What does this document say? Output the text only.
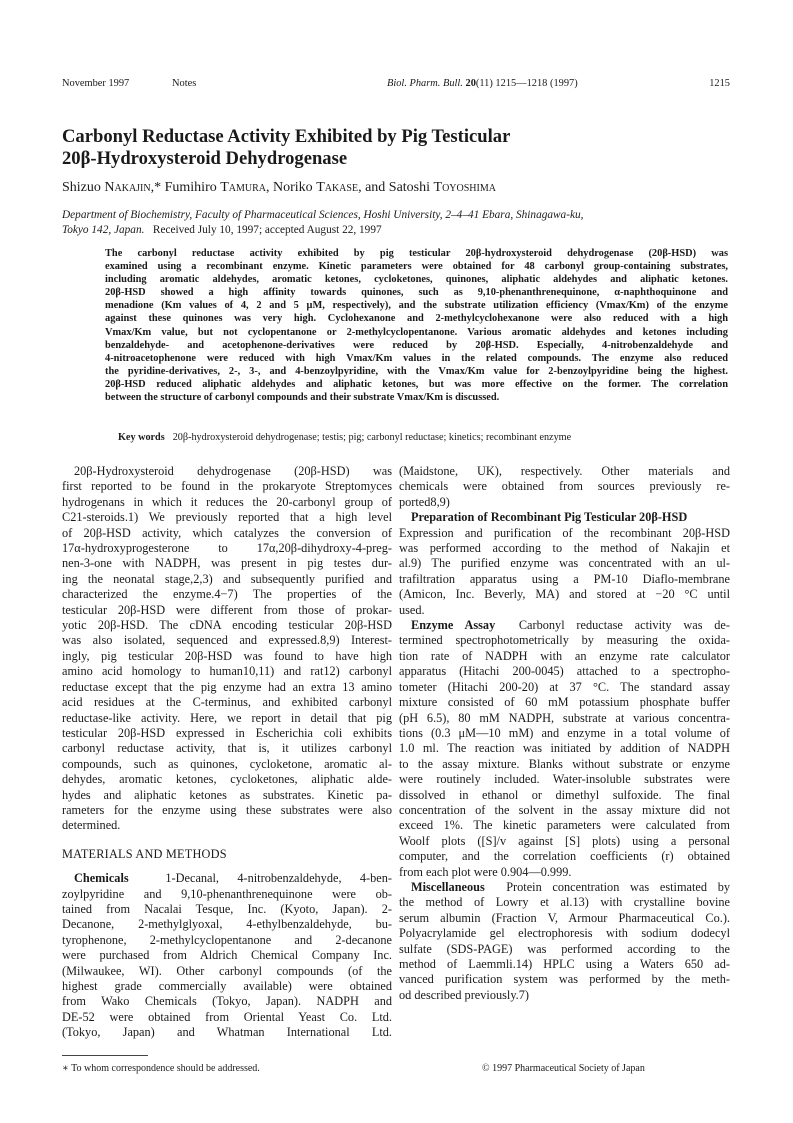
November 1997	Notes	Biol. Pharm. Bull. 20(11) 1215—1218 (1997)	1215
Carbonyl Reductase Activity Exhibited by Pig Testicular
20β-Hydroxysteroid Dehydrogenase
Shizuo Nakajin,* Fumihiro Tamura, Noriko Takase, and Satoshi Toyoshima
Department of Biochemistry, Faculty of Pharmaceutical Sciences, Hoshi University, 2–4–41 Ebara, Shinagawa-ku,
Tokyo 142, Japan. Received July 10, 1997; accepted August 22, 1997
The carbonyl reductase activity exhibited by pig testicular 20β-hydroxysteroid dehydrogenase (20β-HSD) was
examined using a recombinant enzyme. Kinetic parameters were obtained for 48 carbonyl group-containing substrates,
including aromatic aldehydes, aromatic ketones, cycloketones, quinones, aliphatic aldehydes and aliphatic ketones.
20β-HSD showed a high affinity towards quinones, such as 9,10-phenanthrenequinone, α-naphthoquinone and
menadione (Km values of 4, 2 and 5 μM, respectively), and the substrate utilization efficiency (Vmax/Km) of the enzyme
against these quinones was very high. Cyclohexanone and 2-methylcyclohexanone were also reduced with a high
Vmax/Km value, but not cyclopentanone or 2-methylcyclopentanone. Various aromatic aldehydes and ketones including
benzaldehyde- and acetophenone-derivatives were reduced by 20β-HSD. Especially, 4-nitrobenzaldehyde and
4-nitroacetophenone were reduced with high Vmax/Km values in the related compounds. The enzyme also reduced
the pyridine-derivatives, 2-, 3-, and 4-benzoylpyridine, with the Vmax/Km value for 2-benzoylpyridine being the highest.
20β-HSD reduced aliphatic aldehydes and aliphatic ketones, but was more effective on the former. The correlation
between the structure of carbonyl compounds and their substrate Vmax/Km is discussed.
Key words 20β-hydroxysteroid dehydrogenase; testis; pig; carbonyl reductase; kinetics; recombinant enzyme
20β-Hydroxysteroid dehydrogenase (20β-HSD) was
first reported to be found in the prokaryote Streptomyces
hydrogenans in which it reduces the 20-carbonyl group of
C21-steroids.1) We previously reported that a high level
of 20β-HSD activity, which catalyzes the conversion of
17α-hydroxyprogesterone to 17α,20β-dihydroxy-4-preg-
nen-3-one with NADPH, was present in pig testes dur-
ing the neonatal stage,2,3) and subsequently purified and
characterized the enzyme.4−7) The properties of the
testicular 20β-HSD were different from those of prokar-
yotic 20β-HSD. The cDNA encoding testicular 20β-HSD
was also isolated, sequenced and expressed.8,9) Interest-
ingly, pig testicular 20β-HSD was found to have high
amino acid homology to human10,11) and rat12) carbonyl
reductase except that the pig enzyme had an extra 13 amino
acid residues at the C-terminus, and exhibited carbonyl
reductase-like activity. Here, we report in detail that pig
testicular 20β-HSD expressed in Escherichia coli exhibits
carbonyl reductase activity, that is, it utilizes carbonyl
compounds, such as quinones, cycloketone, aromatic al-
dehydes, aromatic ketones, cycloketones, aliphatic alde-
hydes and aliphatic ketones as substrates. Kinetic pa-
rameters for the enzyme using these substrates were also
determined.
MATERIALS AND METHODS
Chemicals	1-Decanal, 4-nitrobenzaldehyde, 4-ben-
zoylpyridine and 9,10-phenanthrenequinone were ob-
tained from Nacalai Tesque, Inc. (Kyoto, Japan). 2-
Decanone, 2-methylglyoxal, 4-ethylbenzaldehyde, bu-
tyrophenone, 2-methylcyclopentanone and 2-decanone
were purchased from Aldrich Chemical Company Inc.
(Milwaukee, WI). Other carbonyl compounds (of the
highest grade commercially available) were obtained
from Wako Chemicals (Tokyo, Japan). NADPH and
DE-52 were obtained from Oriental Yeast Co. Ltd.
(Tokyo, Japan) and Whatman International Ltd.
(Maidstone, UK), respectively. Other materials and
chemicals were obtained from sources previously re-
ported8,9)
Preparation of Recombinant Pig Testicular 20β-HSD
Expression and purification of the recombinant 20β-HSD
was performed according to the method of Nakajin et
al.9) The purified enzyme was concentrated with an ul-
trafiltration apparatus using a PM-10 Diaflo-membrane
(Amicon, Inc. Beverly, MA) and stored at −20 °C until
used.
Enzyme Assay Carbonyl reductase activity was de-
termined spectrophotometrically by measuring the oxida-
tion rate of NADPH with an enzyme rate calculator
apparatus (Hitachi 200-0045) attached to a spectropho-
tometer (Hitachi 200-20) at 37 °C. The standard assay
mixture consisted of 60 mM potassium phosphate buffer
(pH 6.5), 80 mM NADPH, substrate at various concentra-
tions (0.3 μM—10 mM) and enzyme in a total volume of
1.0 ml. The reaction was initiated by addition of NADPH
to the assay mixture. Blanks without substrate or enzyme
were routinely included. Water-insoluble substrates were
dissolved in ethanol or dimethyl sulfoxide. The final
concentration of the solvent in the assay mixture did not
exceed 1%. The kinetic parameters were calculated from
Woolf plots ([S]/v against [S] plots) using a personal
computer, and the correlation coefficients (r) obtained
from each plot were 0.904—0.999.
Miscellaneous Protein concentration was estimated by
the method of Lowry et al.13) with crystalline bovine
serum albumin (Fraction V, Armour Pharmaceutical Co.).
Polyacrylamide gel electrophoresis with sodium dodecyl
sulfate (SDS-PAGE) was performed according to the
method of Laemmli.14) HPLC using a Waters 650 ad-
vanced purification system was performed by the meth-
od described previously.7)
∗ To whom correspondence should be addressed.	© 1997 Pharmaceutical Society of Japan
